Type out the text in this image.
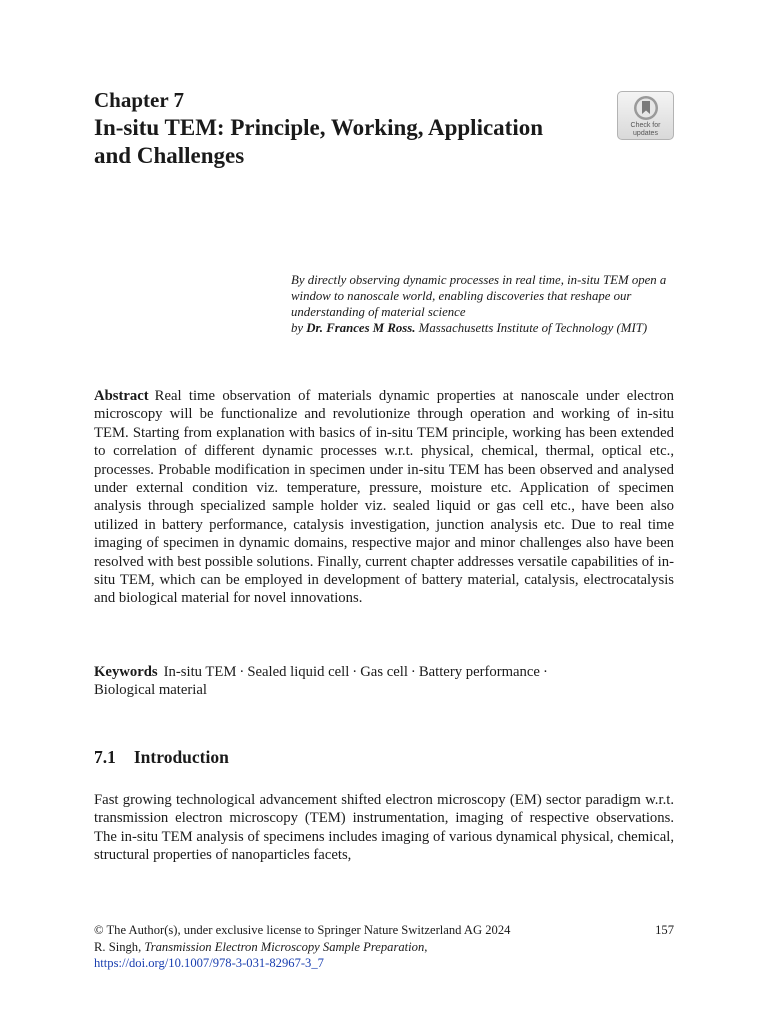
Chapter 7
In-situ TEM: Principle, Working, Application and Challenges
Check for
updates

By directly observing dynamic processes in real time, in-situ TEM open a window to nanoscale world, enabling discoveries that reshape our understanding of material science
by Dr. Frances M Ross. Massachusetts Institute of Technology (MIT)

Abstract Real time observation of materials dynamic properties at nanoscale under electron microscopy will be functionalize and revolutionize through operation and working of in-situ TEM. Starting from explanation with basics of in-situ TEM principle, working has been extended to correlation of different dynamic processes w.r.t. physical, chemical, thermal, optical etc., processes. Probable modification in specimen under in-situ TEM has been observed and analysed under external condition viz. temperature, pressure, moisture etc. Application of specimen analysis through specialized sample holder viz. sealed liquid or gas cell etc., have been also utilized in battery performance, catalysis investigation, junction analysis etc. Due to real time imaging of specimen in dynamic domains, respective major and minor challenges also have been resolved with best possible solutions. Finally, current chapter addresses versatile capabilities of in-situ TEM, which can be employed in development of battery material, catalysis, electrocatalysis and biological material for novel innovations.

Keywords In-situ TEM · Sealed liquid cell · Gas cell · Battery performance ·
Biological material

7.1 Introduction

Fast growing technological advancement shifted electron microscopy (EM) sector paradigm w.r.t. transmission electron microscopy (TEM) instrumentation, imaging of respective observations. The in-situ TEM analysis of specimens includes imaging of various dynamical physical, chemical, structural properties of nanoparticles facets,

© The Author(s), under exclusive license to Springer Nature Switzerland AG 2024	157
R. Singh, Transmission Electron Microscopy Sample Preparation,
https://doi.org/10.1007/978-3-031-82967-3_7
